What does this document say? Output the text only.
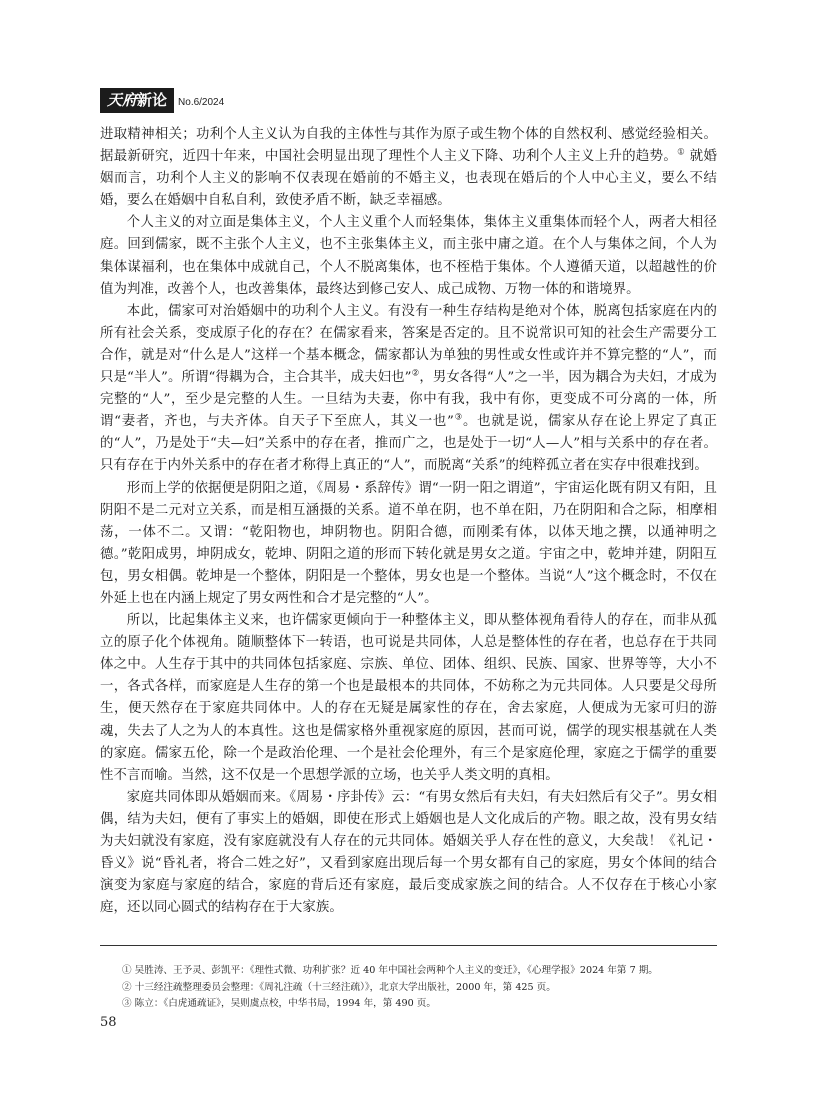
天府新论	No.6/2024

进取精神相关；功利个人主义认为自我的主体性与其作为原子或生物个体的自然权利、感觉经验相关。据最新研究，近四十年来，中国社会明显出现了理性个人主义下降、功利个人主义上升的趋势。① 就婚姻而言，功利个人主义的影响不仅表现在婚前的不婚主义，也表现在婚后的个人中心主义，要么不结婚，要么在婚姻中自私自利，致使矛盾不断，缺乏幸福感。

个人主义的对立面是集体主义，个人主义重个人而轻集体，集体主义重集体而轻个人，两者大相径庭。回到儒家，既不主张个人主义，也不主张集体主义，而主张中庸之道。在个人与集体之间，个人为集体谋福利，也在集体中成就自己，个人不脱离集体，也不桎梏于集体。个人遵循天道，以超越性的价值为判准，改善个人，也改善集体，最终达到修己安人、成己成物、万物一体的和谐境界。

本此，儒家可对治婚姻中的功利个人主义。有没有一种生存结构是绝对个体，脱离包括家庭在内的所有社会关系，变成原子化的存在？在儒家看来，答案是否定的。且不说常识可知的社会生产需要分工合作，就是对“什么是人”这样一个基本概念，儒家都认为单独的男性或女性或许并不算完整的“人”，而只是“半人”。所谓“得耦为合，主合其半，成夫妇也”②，男女各得“人”之一半，因为耦合为夫妇，才成为完整的“人”，至少是完整的人生。一旦结为夫妻，你中有我，我中有你，更变成不可分离的一体，所谓“妻者，齐也，与夫齐体。自天子下至庶人，其义一也”③。也就是说，儒家从存在论上界定了真正的“人”，乃是处于“夫—妇”关系中的存在者，推而广之，也是处于一切“人—人”相与关系中的存在者。只有存在于内外关系中的存在者才称得上真正的“人”，而脱离“关系”的纯粹孤立者在实存中很难找到。

形而上学的依据便是阴阳之道，《周易・系辞传》谓“一阴一阳之谓道”，宇宙运化既有阴又有阳，且阴阳不是二元对立关系，而是相互涵摄的关系。道不单在阴，也不单在阳，乃在阴阳和合之际，相摩相荡，一体不二。又谓：“乾阳物也，坤阴物也。阴阳合德，而刚柔有体，以体天地之撰，以通神明之德。”乾阳成男，坤阴成女，乾坤、阴阳之道的形而下转化就是男女之道。宇宙之中，乾坤并建，阴阳互包，男女相偶。乾坤是一个整体，阴阳是一个整体，男女也是一个整体。当说“人”这个概念时，不仅在外延上也在内涵上规定了男女两性和合才是完整的“人”。

所以，比起集体主义来，也许儒家更倾向于一种整体主义，即从整体视角看待人的存在，而非从孤立的原子化个体视角。随顺整体下一转语，也可说是共同体，人总是整体性的存在者，也总存在于共同体之中。人生存于其中的共同体包括家庭、宗族、单位、团体、组织、民族、国家、世界等等，大小不一，各式各样，而家庭是人生存的第一个也是最根本的共同体，不妨称之为元共同体。人只要是父母所生，便天然存在于家庭共同体中。人的存在无疑是属家性的存在，舍去家庭，人便成为无家可归的游魂，失去了人之为人的本真性。这也是儒家格外重视家庭的原因，甚而可说，儒学的现实根基就在人类的家庭。儒家五伦，除一个是政治伦理、一个是社会伦理外，有三个是家庭伦理，家庭之于儒学的重要性不言而喻。当然，这不仅是一个思想学派的立场，也关乎人类文明的真相。

家庭共同体即从婚姻而来。《周易・序卦传》云：“有男女然后有夫妇，有夫妇然后有父子”。男女相偶，结为夫妇，便有了事实上的婚姻，即使在形式上婚姻也是人文化成后的产物。眼之故，没有男女结为夫妇就没有家庭，没有家庭就没有人存在的元共同体。婚姻关乎人存在性的意义，大矣哉！《礼记・昏义》说“昏礼者，将合二姓之好”，又看到家庭出现后每一个男女都有自己的家庭，男女个体间的结合演变为家庭与家庭的结合，家庭的背后还有家庭，最后变成家族之间的结合。人不仅存在于核心小家庭，还以同心圆式的结构存在于大家族。

① 吴胜涛、王予灵、彭凯平：《理性式微、功利扩张？近 40 年中国社会两种个人主义的变迁》，《心理学报》2024 年第 7 期。
② 十三经注疏整理委员会整理：《周礼注疏（十三经注疏）》，北京大学出版社，2000 年，第 425 页。
③ 陈立：《白虎通疏证》，吴则虞点校，中华书局，1994 年，第 490 页。
58
